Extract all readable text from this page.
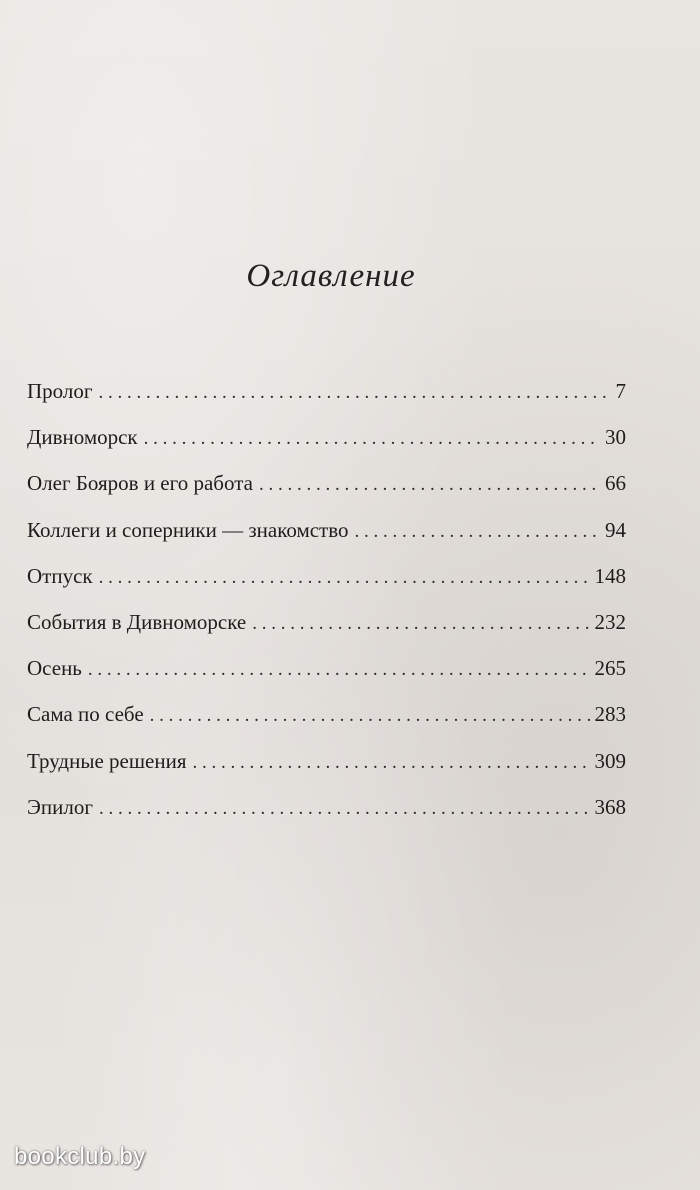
Оглавление
Пролог . . .	7
Дивноморск . . .	30
Олег Бояров и его работа . . .	66
Коллеги и соперники — знакомство . . .	94
Отпуск . . .	148
События в Дивноморске . . .	232
Осень . . .	265
Сама по себе . . .	283
Трудные решения . . .	309
Эпилог . . .	368
bookclub.by
